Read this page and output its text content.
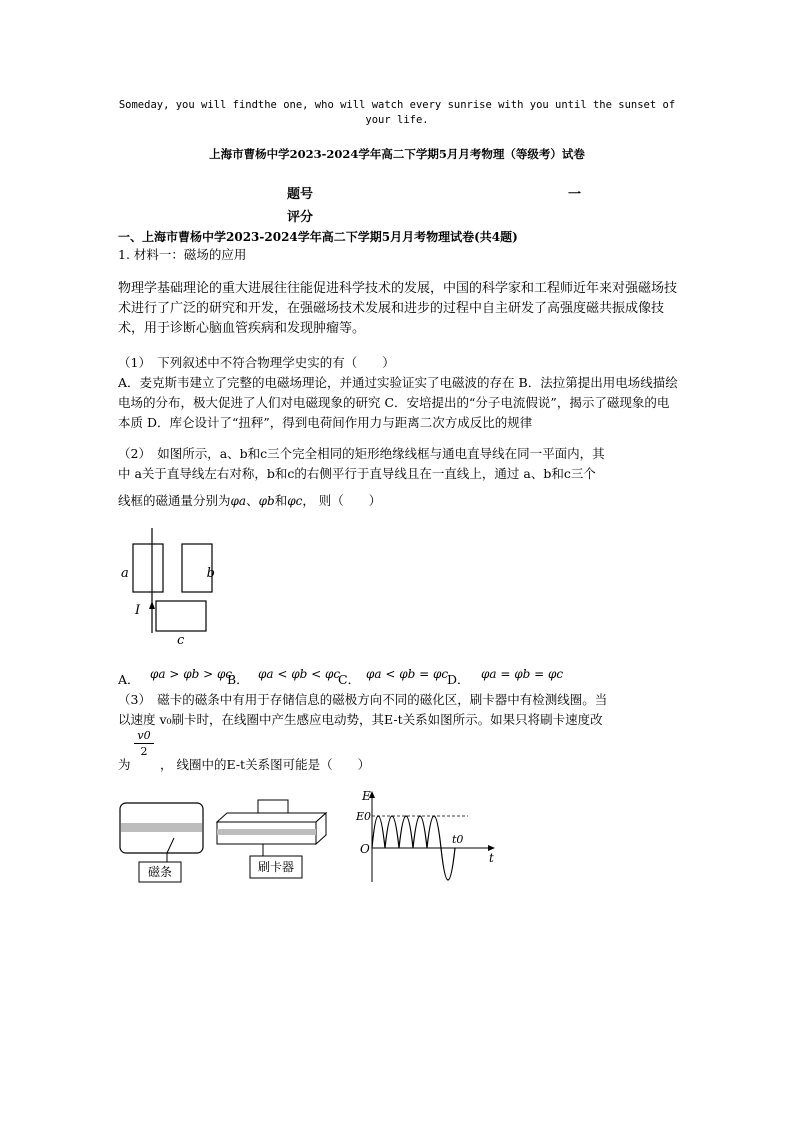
Someday, you will findthe one, who will watch every sunrise with you until the sunset of your life.
上海市曹杨中学2023-2024学年高二下学期5月月考物理（等级考）试卷
题号	一
评分
一、上海市曹杨中学2023-2024学年高二下学期5月月考物理试卷(共4题)
1. 材料一：磁场的应用
物理学基础理论的重大进展往往能促进科学技术的发展，中国的科学家和工程师近年来对强磁场技术进行了广泛的研究和开发，在强磁场技术发展和进步的过程中自主研发了高强度磁共振成像技术，用于诊断心脑血管疾病和发现肿瘤等。
（1）　下列叙述中不符合物理学史实的有（　　）
A．麦克斯韦建立了完整的电磁场理论，并通过实验证实了电磁波的存在 B．法拉第提出用电场线描绘电场的分布，极大促进了人们对电磁现象的研究 C．安培提出的“分子电流假说”，揭示了磁现象的电本质 D．库仑设计了“扭秤”，得到电荷间作用力与距离二次方成反比的规律
（2）　如图所示，a、b和c三个完全相同的矩形绝缘线框与通电直导线在同一平面内，其
中 a关于直导线左右对称，b和c的右侧平行于直导线且在一直线上，通过 a、b和c三个
线框的磁通量分别为φa、φb和φc， 则（　　）
a	b
I
c
A． φa > φb > φc
B． φa < φb < φc
C． φa < φb = φc
D． φa = φb = φc
（3）　磁卡的磁条中有用于存储信息的磁极方向不同的磁化区，刷卡器中有检测线圈。当
以速度 v₀刷卡时，在线圈中产生感应电动势，其E-t关系如图所示。如果只将刷卡速度改
为
v0
2
， 线圈中的E-t关系图可能是（　　）
磁条	刷卡器
E
E0
O
t0
t
